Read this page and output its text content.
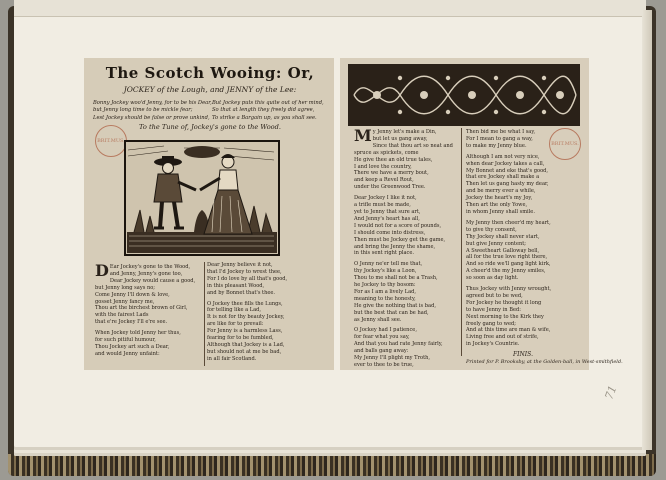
The Scotch Wooing: Or,
JOCKEY of the Lough, and JENNY of the Lee:
Bonny Jockey woo'd Jenny, for to be his Dear,
but Jenny long time to be mickle fear;
Lest Jockey should be false or prove unkind,
But Jockey puts this quite out of her mind,
So that at length they freely did agree,
To strike a Bargain up, as you shall see.
To the Tune of, Jockey's gone to the Wood.
BRIT.MUS.	BRIT.MUS.

D Ear Jockey's gone to the Wood,
and Jenny, Jenny's gone too,
Dear Jockey would cause a good,
but Jenny long says no;
Come Jenny I'll down & love,
gosset Jenny fancy me,
Thou art the birchest brown of Girl,
with the fairest Lads
that e're Jockey I'll e're see.

When Jockey told Jenny her thus,
for such pitiful humour,
Thou Jockey art such a Dear,
and would Jenny unfaint:

Dear Jenny believe it not,
that I'd Jockey to wrest thee,
For I do love by all that's good,
in this pleasant Wood,
and by Bonnet that's thee.

O Jockey thee fills the Lungs,
for telling like a Lad,
It is not for thy beauty Jockey,
are like for to prevail:
For Jenny is a harmless Lass,
fearing for to be fumbled,
Although that Jockey is a Lad,
but should not at me be bad,
in all fair Scotland.

M y Jenny let's make a Din,
but let us gang away,
Since that thou art so neat and
spruce as spickets, come
He give thee an old true tales,
I and love the country,
There we have a merry bout,
and keep a Revel Rout,
under the Greenwood Tree.

Dear Jockey I like it not,
a trifle must be made,
yet to Jenny that sure art,
And Jenny's heart has all,
I would not for a score of pounds,
I should come into distress,
Then must be Jockey get the game,
and bring the Jenny the shame,
in this sent right place.

O Jenny ne'er tell me that,
thy Jockey's like a Loon,
Thou to me shall not be a Trash,
he Jockey to thy bosom:
For as I am a lively Lad,
meaning to the honesty,
He give the nothing that is bad,
but the best that can be had,
as Jenny shall see.

O Jockey had I patience,
for fear what you say,
And that you had rate Jenny fairly,
and balls gang away:
My Jenny I'll plight my Troth,
ever to thee to be true,

Then bid me be what I say,
For I mean to gang a way,
to make my Jenny blue.

Although I am not very nice,
when dear Jockey takes a call,
My Bonnet and eke that's good,
that ere Jockey shall make a
Then let us gang hasty my dear,
and be merry ever a while,
Jockey the heart's my Joy,
Then art the only Yowe,
in whom Jenny shall smile.

My Jenny then cheer'd my heart,
to give thy consent,
Thy Jockey shall never start,
but give Jenny content;
A Sweetheart Galloway bell,
all for the true love right there,
And so ride we'll gang light kirk,
A cheer'd the my Jenny smiles,
so soon as day light.

Thus Jockey with Jenny wrought,
agreed but to be wed,
For Jockey he thought it long
to have Jenny in Bed:
Next morning to the Kirk they
freely gang to wed;
And at this time are man & wife,
Living free and out of strife,
in Jockey's Countrie.

FINIS.
Printed for P. Brooksby, at the Golden-ball, in West-smithfield.
71
